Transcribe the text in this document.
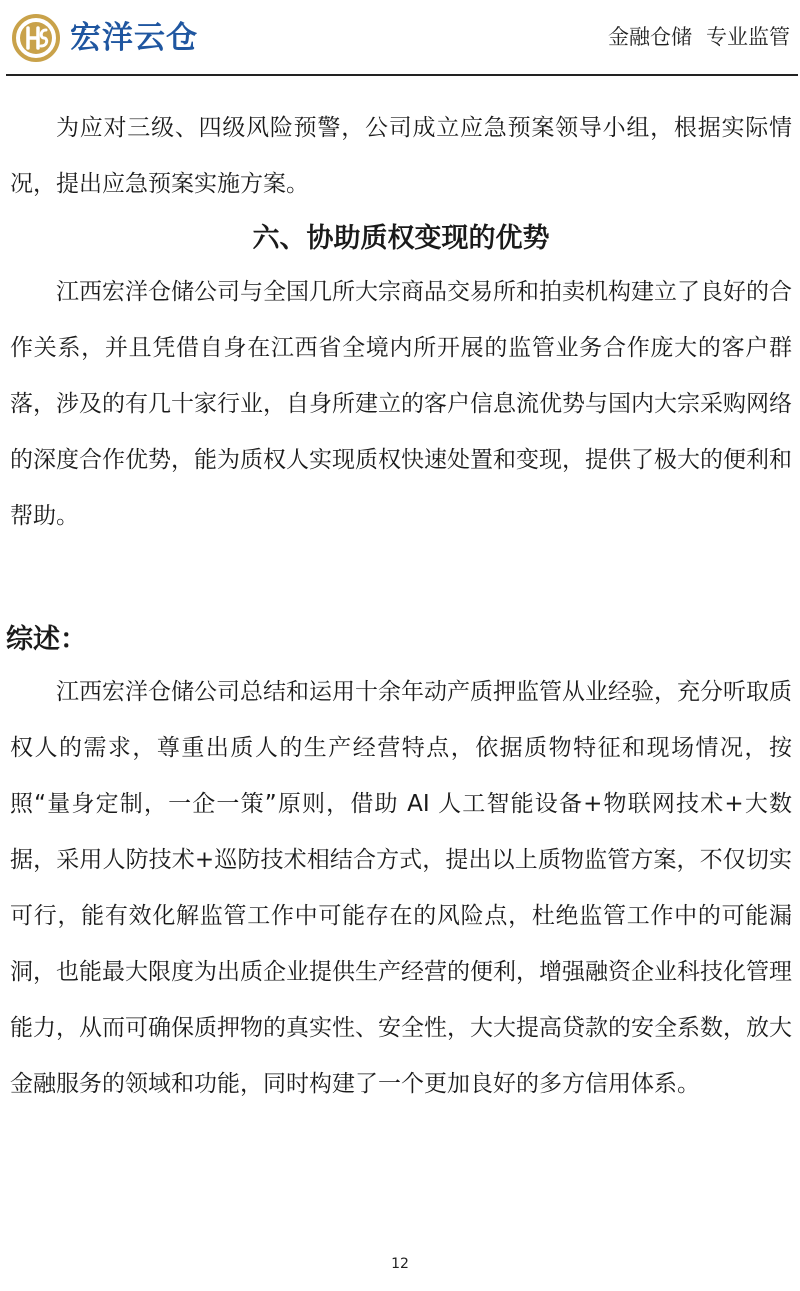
宏洋云仓	金融仓储 专业监管

为应对三级、四级风险预警，公司成立应急预案领导小组，根据实际情况，提出应急预案实施方案。

六、协助质权变现的优势

江西宏洋仓储公司与全国几所大宗商品交易所和拍卖机构建立了良好的合作关系，并且凭借自身在江西省全境内所开展的监管业务合作庞大的客户群落，涉及的有几十家行业，自身所建立的客户信息流优势与国内大宗采购网络的深度合作优势，能为质权人实现质权快速处置和变现，提供了极大的便利和帮助。

综述：

江西宏洋仓储公司总结和运用十余年动产质押监管从业经验，充分听取质权人的需求，尊重出质人的生产经营特点，依据质物特征和现场情况，按照“量身定制，一企一策”原则，借助 AI 人工智能设备+物联网技术+大数据，采用人防技术+巡防技术相结合方式，提出以上质物监管方案，不仅切实可行，能有效化解监管工作中可能存在的风险点，杜绝监管工作中的可能漏洞，也能最大限度为出质企业提供生产经营的便利，增强融资企业科技化管理能力，从而可确保质押物的真实性、安全性，大大提高贷款的安全系数，放大金融服务的领域和功能，同时构建了一个更加良好的多方信用体系。

12
